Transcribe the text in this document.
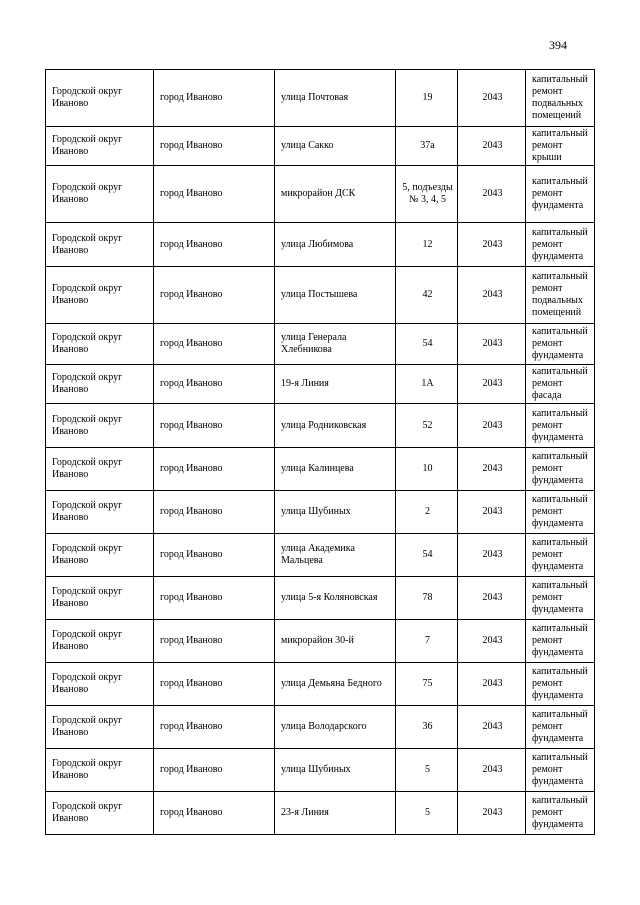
394
Городской округ Иваново	город Иваново	улица Почтовая	19	2043	капитальный ремонт подвальных помещений
Городской округ Иваново	город Иваново	улица Сакко	37а	2043	капитальный ремонт крыши
Городской округ Иваново	город Иваново	микрорайон ДСК	5, подъезды № 3, 4, 5	2043	капитальный ремонт фундамента
Городской округ Иваново	город Иваново	улица Любимова	12	2043	капитальный ремонт фундамента
Городской округ Иваново	город Иваново	улица Постышева	42	2043	капитальный ремонт подвальных помещений
Городской округ Иваново	город Иваново	улица Генерала Хлебникова	54	2043	капитальный ремонт фундамента
Городской округ Иваново	город Иваново	19-я Линия	1А	2043	капитальный ремонт фасада
Городской округ Иваново	город Иваново	улица Родниковская	52	2043	капитальный ремонт фундамента
Городской округ Иваново	город Иваново	улица Калинцева	10	2043	капитальный ремонт фундамента
Городской округ Иваново	город Иваново	улица Шубиных	2	2043	капитальный ремонт фундамента
Городской округ Иваново	город Иваново	улица Академика Мальцева	54	2043	капитальный ремонт фундамента
Городской округ Иваново	город Иваново	улица 5-я Коляновская	78	2043	капитальный ремонт фундамента
Городской округ Иваново	город Иваново	микрорайон 30-й	7	2043	капитальный ремонт фундамента
Городской округ Иваново	город Иваново	улица Демьяна Бедного	75	2043	капитальный ремонт фундамента
Городской округ Иваново	город Иваново	улица Володарского	36	2043	капитальный ремонт фундамента
Городской округ Иваново	город Иваново	улица Шубиных	5	2043	капитальный ремонт фундамента
Городской округ Иваново	город Иваново	23-я Линия	5	2043	капитальный ремонт фундамента
